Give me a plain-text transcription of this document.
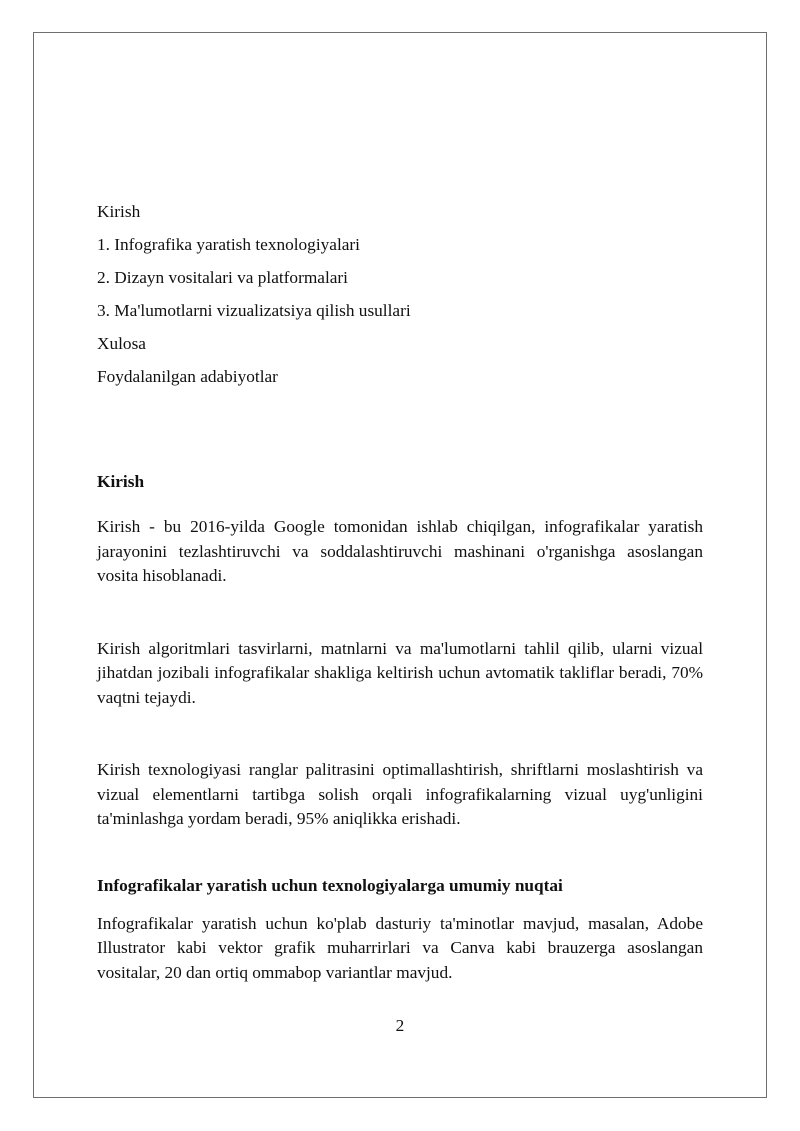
Kirish
1. Infografika yaratish texnologiyalari
2. Dizayn vositalari va platformalari
3. Ma'lumotlarni vizualizatsiya qilish usullari
Xulosa
Foydalanilgan adabiyotlar
Kirish

Kirish - bu 2016-yilda Google tomonidan ishlab chiqilgan, infografikalar yaratish jarayonini tezlashtiruvchi va soddalashtiruvchi mashinani o'rganishga asoslangan vosita hisoblanadi.

Kirish algoritmlari tasvirlarni, matnlarni va ma'lumotlarni tahlil qilib, ularni vizual jihatdan jozibali infografikalar shakliga keltirish uchun avtomatik takliflar beradi, 70% vaqtni tejaydi.

Kirish texnologiyasi ranglar palitrasini optimallashtirish, shriftlarni moslashtirish va vizual elementlarni tartibga solish orqali infografikalarning vizual uyg'unligini ta'minlashga yordam beradi, 95% aniqlikka erishadi.

Infografikalar yaratish uchun texnologiyalarga umumiy nuqtai

Infografikalar yaratish uchun ko'plab dasturiy ta'minotlar mavjud, masalan, Adobe Illustrator kabi vektor grafik muharrirlari va Canva kabi brauzerga asoslangan vositalar, 20 dan ortiq ommabop variantlar mavjud.

2
